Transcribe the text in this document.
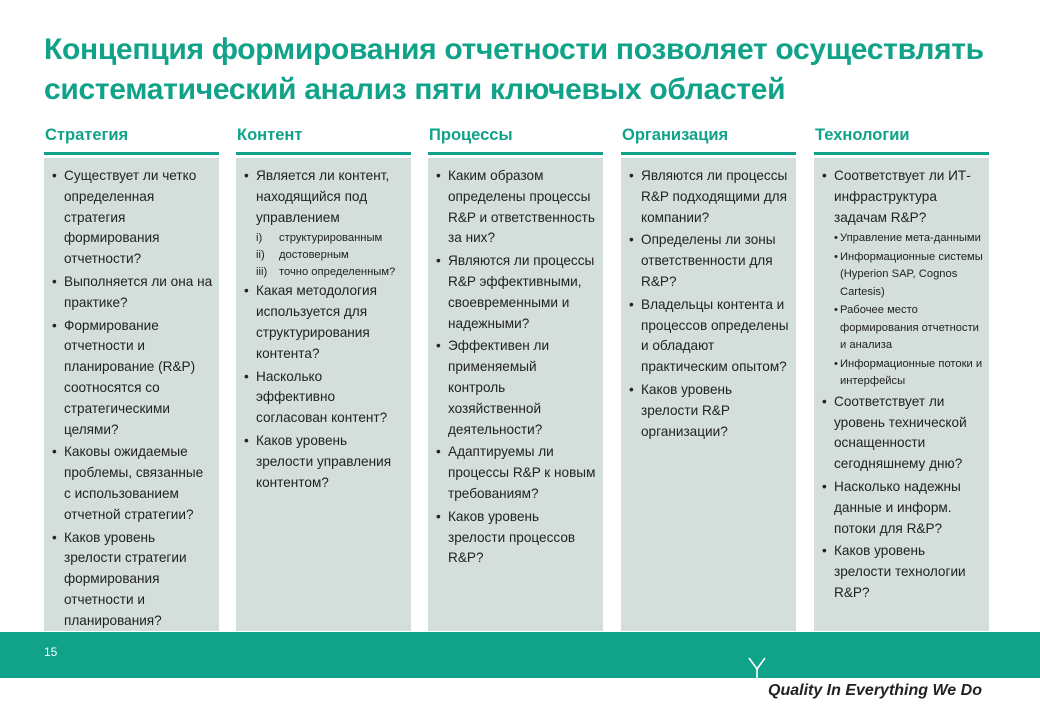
Концепция формирования отчетности позволяет осуществлять систематический анализ пяти ключевых областей
Стратегия
• Существует ли четко определенная стратегия формирования отчетности?
• Выполняется ли она на практике?
• Формирование отчетности и планирование (R&P) соотносятся со стратегическими целями?
• Каковы ожидаемые проблемы, связанные с использованием отчетной стратегии?
• Каков уровень зрелости стратегии формирования отчетности и планирования?
Контент
• Является ли контент, находящийся под управлением
i) структурированным
ii) достоверным
iii) точно определенным?
• Какая методология используется для структурирования контента?
• Насколько эффективно согласован контент?
• Каков уровень зрелости управления контентом?
Процессы
• Каким образом определены процессы R&P и ответственность за них?
• Являются ли процессы R&P эффективными, своевременными и надежными?
• Эффективен ли применяемый контроль хозяйственной деятельности?
• Адаптируемы ли процессы R&P к новым требованиям?
• Каков уровень зрелости процессов R&P?
Организация
• Являются ли процессы R&P подходящими для компании?
• Определены ли зоны ответственности для R&P?
• Владельцы контента и процессов определены и обладают практическим опытом?
• Каков уровень зрелости R&P организации?
Технологии
• Соответствует ли ИТ-инфраструктура задачам R&P?
• Управление мета-данными
• Информационные системы (Hyperion SAP, Cognos Cartesis)
• Рабочее место формирования отчетности и анализа
• Информационные потоки и интерфейсы
• Соответствует ли уровень технической оснащенности сегодняшнему дню?
• Насколько надежны данные и информ. потоки для R&P?
• Каков уровень зрелости технологии R&P?
15
Quality In Everything We Do
